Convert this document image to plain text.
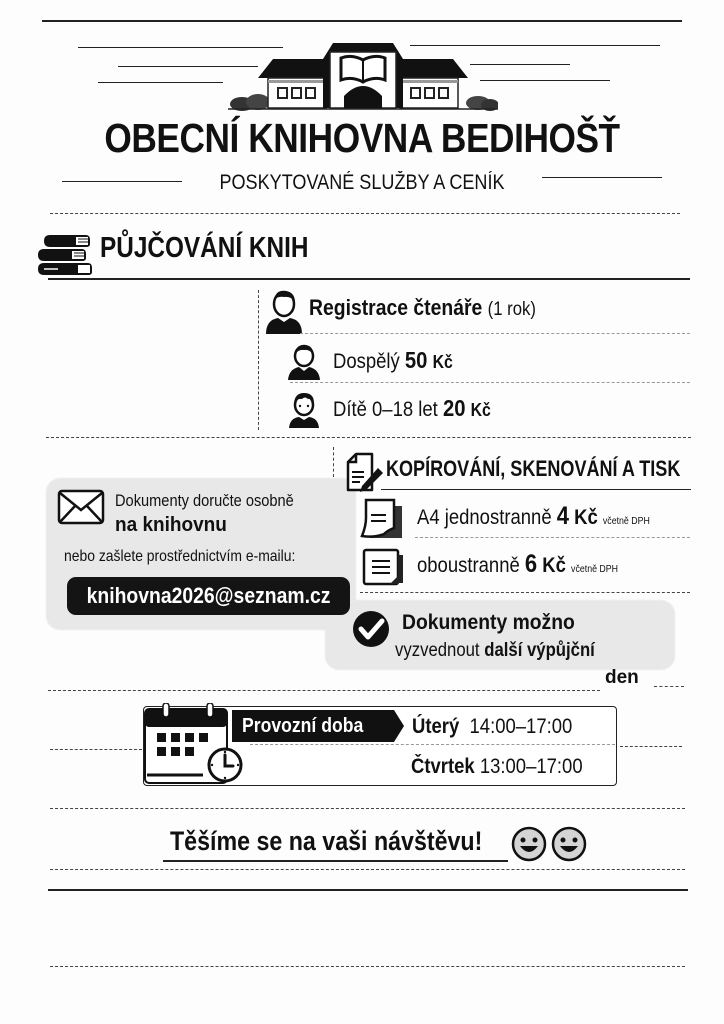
OBECNÍ KNIHOVNA BEDIHOŠŤ
POSKYTOVANÉ SLUŽBY A CENÍK
PŮJČOVÁNÍ KNIH
Registrace čtenáře (1 rok)
Dospělý 50 Kč
Dítě 0–18 let 20 Kč
Dokumenty doručte osobně
na knihovnu
nebo zašlete prostřednictvím e-mailu:
knihovna2026@seznam.cz
KOPÍROVÁNÍ, SKENOVÁNÍ A TISK
A4 jednostranně 4 Kč včetně DPH
oboustranně 6 Kč včetně DPH
Dokumenty možno
vyzvednout další výpůjční
den
Provozní doba Úterý 14:00–17:00
Čtvrtek 13:00–17:00
Těšíme se na vaši návštěvu!
